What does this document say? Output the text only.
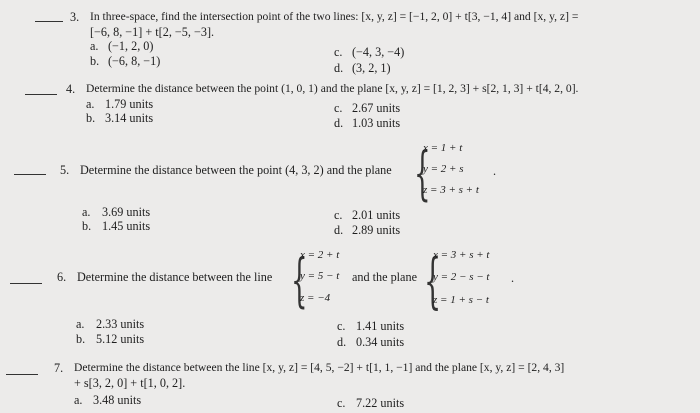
3. In three-space, find the intersection point of the two lines: [x, y, z] = [−1, 2, 0] + t[3, −1, 4] and [x, y, z] =
[−6, 8, −1] + t[2, −5, −3].
a. (−1, 2, 0)
b. (−6, 8, −1)
c. (−4, 3, −4)
d. (3, 2, 1)
4. Determine the distance between the point (1, 0, 1) and the plane [x, y, z] = [1, 2, 3] + s[2, 1, 3] + t[4, 2, 0].
a. 1.79 units
b. 3.14 units
c. 2.67 units
d. 1.03 units
5. Determine the distance between the point (4, 3, 2) and the plane {
x = 1 + t
y = 2 + s
z = 3 + s + t
.
a. 3.69 units
b. 1.45 units
c. 2.01 units
d. 2.89 units
6. Determine the distance between the line {
x = 2 + t
y = 5 − t
z = −4
and the plane {
x = 3 + s + t
y = 2 − s − t
z = 1 + s − t
.
a. 2.33 units
b. 5.12 units
c. 1.41 units
d. 0.34 units
7. Determine the distance between the line [x, y, z] = [4, 5, −2] + t[1, 1, −1] and the plane [x, y, z] = [2, 4, 3]
+ s[3, 2, 0] + t[1, 0, 2].
a. 3.48 units	c. 7.22 units
